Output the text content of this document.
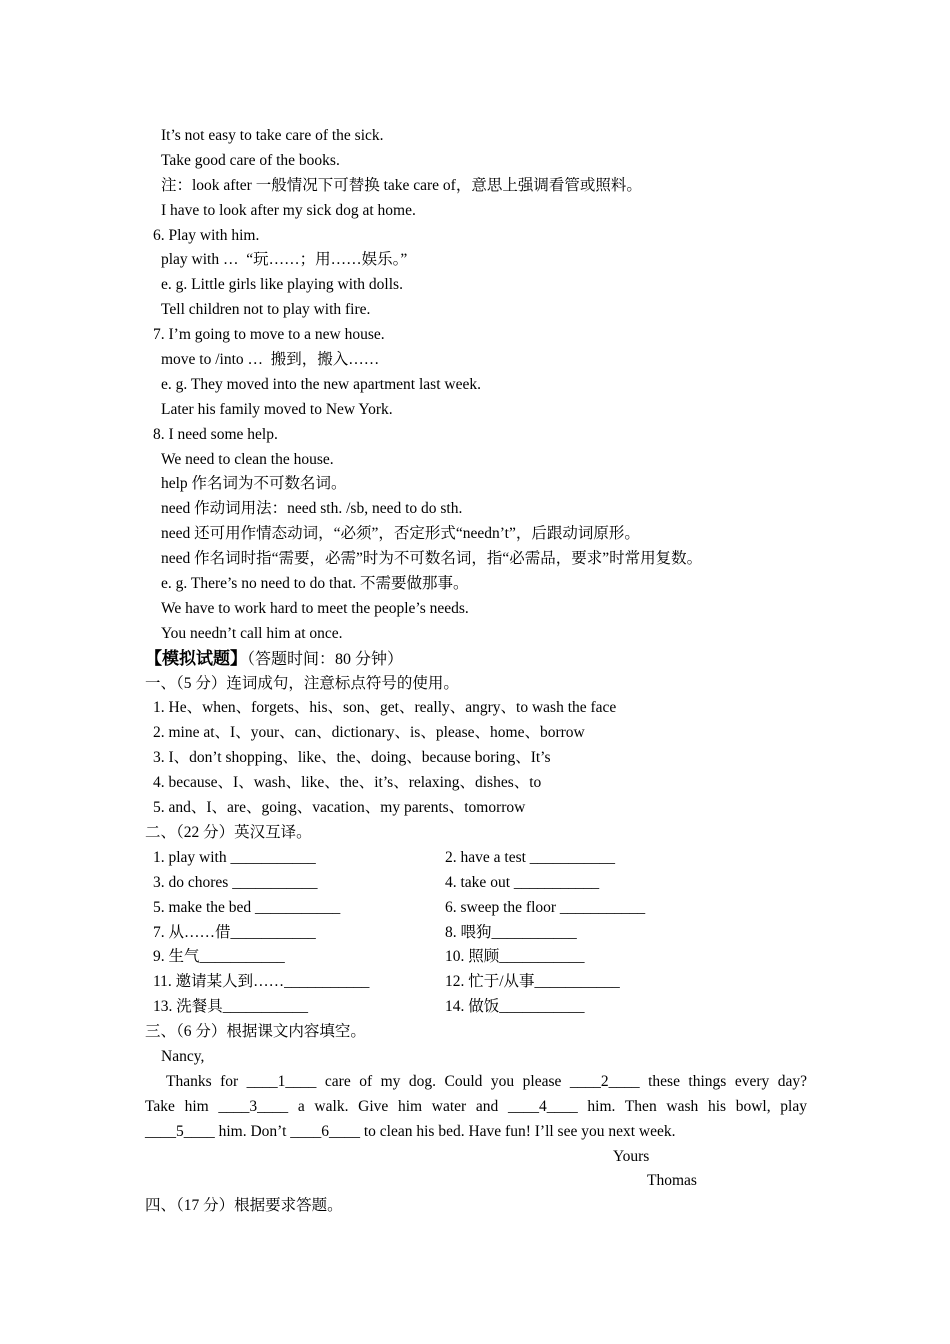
It’s not easy to take care of the sick.
Take good care of the books.
注：look after 一般情况下可替换 take care of，意思上强调看管或照料。
I have to look after my sick dog at home.
6. Play with him.
play with …  “玩……；用……娱乐。”
e. g. Little girls like playing with dolls.
Tell children not to play with fire.
7. I’m going to move to a new house.
move to /into …  搬到，搬入……
e. g. They moved into the new apartment last week.
Later his family moved to New York.
8. I need some help.
We need to clean the house.
help 作名词为不可数名词。
need 作动词用法：need sth. /sb, need to do sth.
need 还可用作情态动词，“必须”，否定形式“needn’t”，后跟动词原形。
need 作名词时指“需要，必需”时为不可数名词，指“必需品，要求”时常用复数。
e. g. There’s no need to do that. 不需要做那事。
We have to work hard to meet the people’s needs.
You needn’t call him at once.
【模拟试题】（答题时间：80 分钟）
一、（5 分）连词成句，注意标点符号的使用。
1. He、when、forgets、his、son、get、really、angry、to wash the face
2. mine at、I、your、can、dictionary、is、please、home、borrow
3. I、don’t shopping、like、the、doing、because boring、It’s
4. because、I、wash、like、the、it’s、relaxing、dishes、to
5. and、I、are、going、vacation、my parents、tomorrow
二、（22 分）英汉互译。
1. play with ___________	2. have a test ___________
3. do chores ___________	4. take out ___________
5. make the bed ___________	6. sweep the floor ___________
7. 从……借___________	8. 喂狗___________
9. 生气___________	10. 照顾___________
11. 邀请某人到……___________	12. 忙于/从事___________
13. 洗餐具___________	14. 做饭___________
三、（6 分）根据课文内容填空。
Nancy,
Thanks for ____1____ care of my dog. Could you please ____2____ these things every day?
Take him ____3____ a walk. Give him water and ____4____ him. Then wash his bowl, play
____5____ him. Don’t ____6____ to clean his bed. Have fun! I’ll see you next week.
Yours
Thomas
四、（17 分）根据要求答题。
